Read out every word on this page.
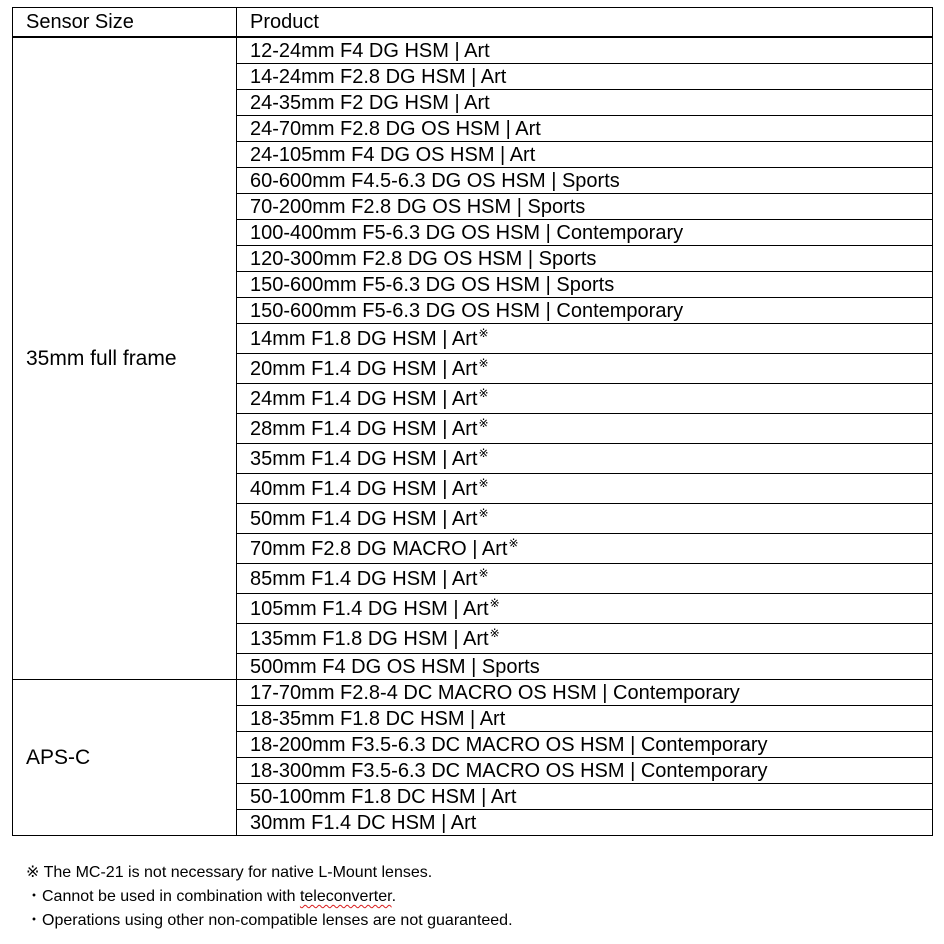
Sensor Size	Product
35mm full frame	12-24mm F4 DG HSM | Art
	14-24mm F2.8 DG HSM | Art
	24-35mm F2 DG HSM | Art
	24-70mm F2.8 DG OS HSM | Art
	24-105mm F4 DG OS HSM | Art
	60-600mm F4.5-6.3 DG OS HSM | Sports
	70-200mm F2.8 DG OS HSM | Sports
	100-400mm F5-6.3 DG OS HSM | Contemporary
	120-300mm F2.8 DG OS HSM | Sports
	150-600mm F5-6.3 DG OS HSM | Sports
	150-600mm F5-6.3 DG OS HSM | Contemporary
	14mm F1.8 DG HSM | Art※
	20mm F1.4 DG HSM | Art※
	24mm F1.4 DG HSM | Art※
	28mm F1.4 DG HSM | Art※
	35mm F1.4 DG HSM | Art※
	40mm F1.4 DG HSM | Art※
	50mm F1.4 DG HSM | Art※
	70mm F2.8 DG MACRO | Art※
	85mm F1.4 DG HSM | Art※
	105mm F1.4 DG HSM | Art※
	135mm F1.8 DG HSM | Art※
	500mm F4 DG OS HSM | Sports
APS-C	17-70mm F2.8-4 DC MACRO OS HSM | Contemporary
	18-35mm F1.8 DC HSM | Art
	18-200mm F3.5-6.3 DC MACRO OS HSM | Contemporary
	18-300mm F3.5-6.3 DC MACRO OS HSM | Contemporary
	50-100mm F1.8 DC HSM | Art
	30mm F1.4 DC HSM | Art
※ The MC-21 is not necessary for native L-Mount lenses.
・Cannot be used in combination with teleconverter.
・Operations using other non-compatible lenses are not guaranteed.
